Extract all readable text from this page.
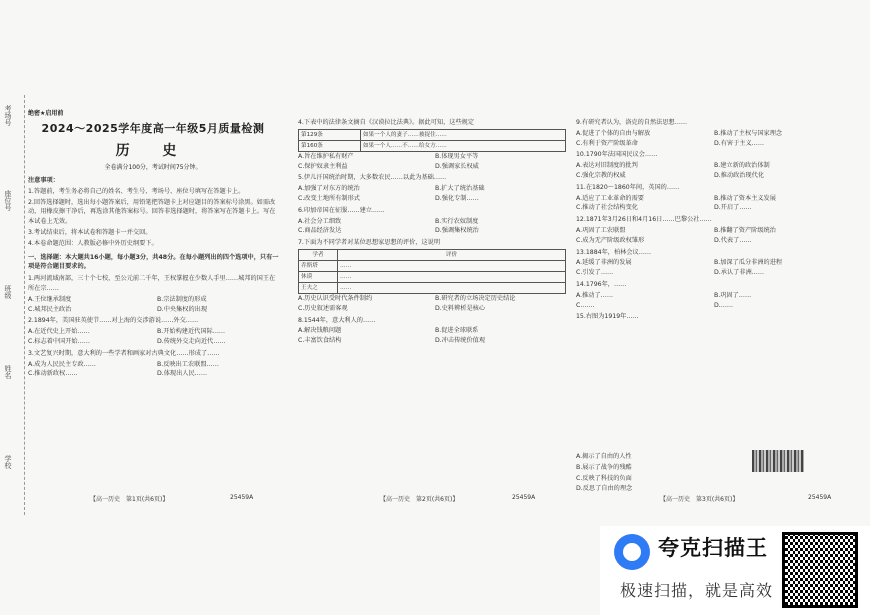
考场号
座位号
班级
姓名
学校
绝密★启用前
2024～2025学年度高一年级5月质量检测
历 史
全卷满分100分，考试时间75分钟。

注意事项：

1.答题前，考生务必将自己的姓名、考生号、考场号、座位号填写在答题卡上。

2.回答选择题时，选出每小题答案后，用铅笔把答题卡上对应题目的答案标号涂黑。如需改动，用橡皮擦干净后，再选涂其他答案标号。回答非选择题时，将答案写在答题卡上。写在本试卷上无效。

3.考试结束后，将本试卷和答题卡一并交回。

4.本卷命题范围：人教版必修中外历史纲要下。

一、选择题：本大题共16小题，每小题3分，共48分。在每小题列出的四个选项中，只有一项是符合题目要求的。

1.两河流域南部，三十个七校，至公元前二千年，王权掌握在少数人手里……城邦的国王在所在宗……

A.王位继承制度	B.宗法制度的形成
C.城邦民主政治	D.中央集权的出现

2.1894年，美国驻英使节……对上海的交涉游说……外交……

A.在近代史上开始……	B.开始构建近代国际……
C.标志着中国开始……	D.传统外交走向近代……

3.文艺复兴时期，意大利的一些学者和画家对古典文化……形成了……

A.成为人民民主专政……	B.反映出工农联盟……
C.推动新政权……	D.体现出人民……

4.下表中的法律条文摘自《汉谟拉比法典》。据此可知，这些规定

第129条	如果一个人的妻子……被捉住……
第160条	如果一个人……不……给女方……
A.旨在维护私有财产	B.体现男女平等
C.保护奴隶主利益	D.强调家长权威

5.伊儿汗国统治时期，大多数农民……以此为基础……

A.加强了对东方的统治	B.扩大了统治基础
C.改变土地所有制形式	D.强化专制……

6.印加帝国在征服……建立……

A.社会分工细致	B.实行农奴制度
C.商品经济发达	D.强调集权统治

7.下面为不同学者对某位思想家思想的评价，这说明

学者	评价
乔斯塔	……
休谟	……
王夫之	……
A.历史认识受时代条件制约	B.研究者的立场决定历史结论
C.历史叙述需客观	D.史料辨析是核心

8.1544年，意大利人的……

A.解决钱粮问题	B.促进全球联系
C.丰富饮食结构	D.冲击传统价值观

9.有研究者认为，洛克的自然法思想……

A.促进了个体的自由与解放	B.推动了主权与国家理念
C.有利于资产阶级革命	D.有害于主义……

10.1790年法国国民议会……

A.表达对旧制度的批判	B.建立新的政治体制
C.强化宗教的权威	D.推动政治现代化

11.在1820～1860年间，英国的……

A.适应了工业革命的需要	B.推动了资本主义发展
C.推动了社会结构变化	D.开启了……

12.1871年3月26日和4月16日……巴黎公社……

A.巩固了工农联盟	B.推翻了资产阶级统治
C.成为无产阶级政权雏形	D.代表了……

13.1884年，柏林会议……

A.延缓了非洲的发展	B.加深了瓜分非洲的进程
C.引发了……	D.承认了非洲……

14.1796年，……

A.推动了……	B.巩固了……
C.……	D.……

15.右图为1919年……

A.揭示了自由的人性

B.展示了战争的残酷

C.反映了科技的负面

D.反思了自由的理念

【高一历史　第1页(共6页)】	25459A	【高一历史　第2页(共6页)】	25459A	【高一历史　第3页(共6页)】	25459A
夸克扫描王
极速扫描，就是高效
